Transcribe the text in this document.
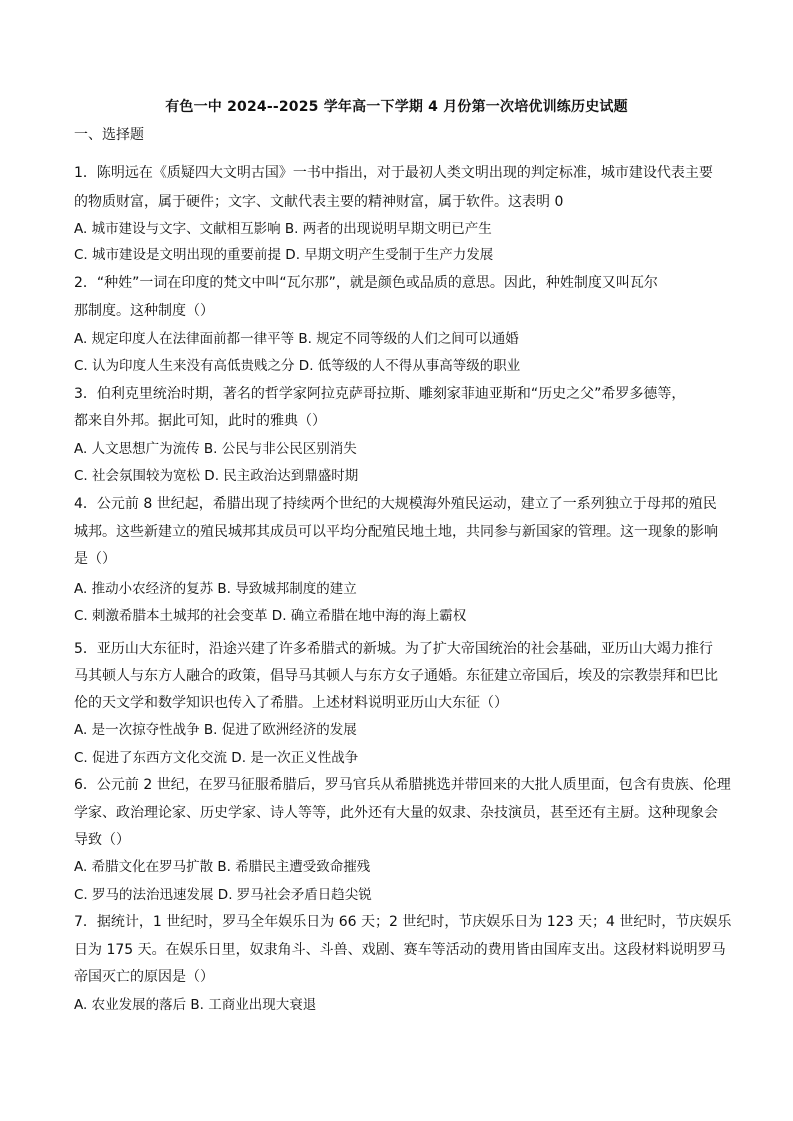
有色一中 2024--2025 学年高一下学期 4 月份第一次培优训练历史试题
一、选择题
1．陈明远在《质疑四大文明古国》一书中指出，对于最初人类文明出现的判定标准，城市建设代表主要
的物质财富，属于硬件；文字、文献代表主要的精神财富，属于软件。这表明 0
A. 城市建设与文字、文献相互影响 B. 两者的出现说明早期文明已产生
C. 城市建设是文明出现的重要前提 D. 早期文明产生受制于生产力发展
2．“种姓”一词在印度的梵文中叫“瓦尔那”，就是颜色或品质的意思。因此，种姓制度又叫瓦尔
那制度。这种制度（）
A. 规定印度人在法律面前都一律平等 B. 规定不同等级的人们之间可以通婚
C. 认为印度人生来没有高低贵贱之分 D. 低等级的人不得从事高等级的职业
3．伯利克里统治时期，著名的哲学家阿拉克萨哥拉斯、雕刻家菲迪亚斯和“历史之父”希罗多德等，
都来自外邦。据此可知，此时的雅典（）
A. 人文思想广为流传 B. 公民与非公民区别消失
C. 社会氛围较为宽松 D. 民主政治达到鼎盛时期
4．公元前 8 世纪起，希腊出现了持续两个世纪的大规模海外殖民运动，建立了一系列独立于母邦的殖民
城邦。这些新建立的殖民城邦其成员可以平均分配殖民地土地，共同参与新国家的管理。这一现象的影响
是（）
A. 推动小农经济的复苏 B. 导致城邦制度的建立
C. 刺激希腊本土城邦的社会变革 D. 确立希腊在地中海的海上霸权
5．亚历山大东征时，沿途兴建了许多希腊式的新城。为了扩大帝国统治的社会基础，亚历山大竭力推行
马其顿人与东方人融合的政策，倡导马其顿人与东方女子通婚。东征建立帝国后，埃及的宗教崇拜和巴比
伦的天文学和数学知识也传入了希腊。上述材料说明亚历山大东征（）
A. 是一次掠夺性战争 B. 促进了欧洲经济的发展
C. 促进了东西方文化交流 D. 是一次正义性战争
6．公元前 2 世纪，在罗马征服希腊后，罗马官兵从希腊挑选并带回来的大批人质里面，包含有贵族、伦理
学家、政治理论家、历史学家、诗人等等，此外还有大量的奴隶、杂技演员，甚至还有主厨。这种现象会
导致（）
A. 希腊文化在罗马扩散 B. 希腊民主遭受致命摧残
C. 罗马的法治迅速发展 D. 罗马社会矛盾日趋尖锐
7．据统计，1 世纪时，罗马全年娱乐日为 66 天；2 世纪时，节庆娱乐日为 123 天；4 世纪时，节庆娱乐
日为 175 天。在娱乐日里，奴隶角斗、斗兽、戏剧、赛车等活动的费用皆由国库支出。这段材料说明罗马
帝国灭亡的原因是（）
A. 农业发展的落后 B. 工商业出现大衰退
